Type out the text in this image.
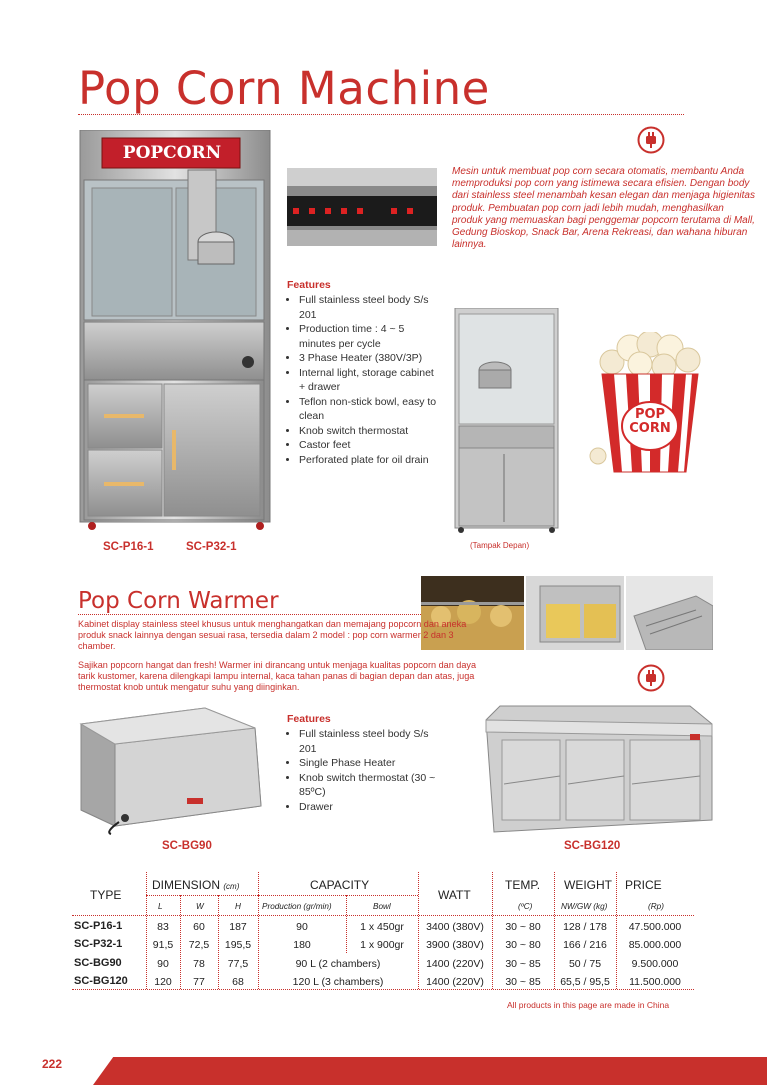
Pop Corn Machine
POPCORN
Mesin untuk membuat pop corn secara otomatis, membantu Anda memproduksi pop corn yang istimewa secara efisien. Dengan body dari stainless steel menambah kesan elegan dan menjaga higienitas produk. Pembuatan pop corn jadi lebih mudah, menghasilkan produk yang memuaskan bagi penggemar popcorn terutama di Mall, Gedung Bioskop, Snack Bar, Arena Rekreasi, dan wahana hiburan lainnya.
Features
• Full stainless steel body S/s 201
• Production time : 4 ~ 5 minutes per cycle
• 3 Phase Heater (380V/3P)
• Internal light, storage cabinet + drawer
• Teflon non-stick bowl, easy to clean
• Knob switch thermostat
• Castor feet
• Perforated plate for oil drain
(Tampak Depan)
POP
CORN
SC-P16-1	SC-P32-1
Pop Corn Warmer
Kabinet display stainless steel khusus untuk menghangatkan dan memajang popcorn dan aneka produk snack lainnya dengan sesuai rasa, tersedia dalam 2 model : pop corn warmer 2 dan 3 chamber.
Sajikan popcorn hangat dan fresh! Warmer ini dirancang untuk menjaga kualitas popcorn dan daya tarik kustomer, karena dilengkapi lampu internal, kaca tahan panas di bagian depan dan atas, juga thermostat knob untuk mengatur suhu yang diinginkan.
Features
• Full stainless steel body S/s 201
• Single Phase Heater
• Knob switch thermostat (30 ~ 85ºC)
• Drawer
SC-BG90	SC-BG120
TYPE
DIMENSION (cm)	CAPACITY
WATT
TEMP. WEIGHT PRICE
L	W	H	Production (gr/min)	Bowl	(ºC)	NW/GW (kg)	(Rp)
SC-P16-1	83	60	187	90	1 x 450gr	3400 (380V)	30 ~ 80	128 / 178	47.500.000
SC-P32-1	91,5	72,5	195,5	180	1 x 900gr	3900 (380V)	30 ~ 80	166 / 216	85.000.000
SC-BG90	90	78	77,5	90 L (2 chambers)	1400 (220V)	30 ~ 85	50 / 75	9.500.000
SC-BG120	120	77	68	120 L (3 chambers)	1400 (220V)	30 ~ 85	65,5 / 95,5	11.500.000
All products in this page are made in China
222
